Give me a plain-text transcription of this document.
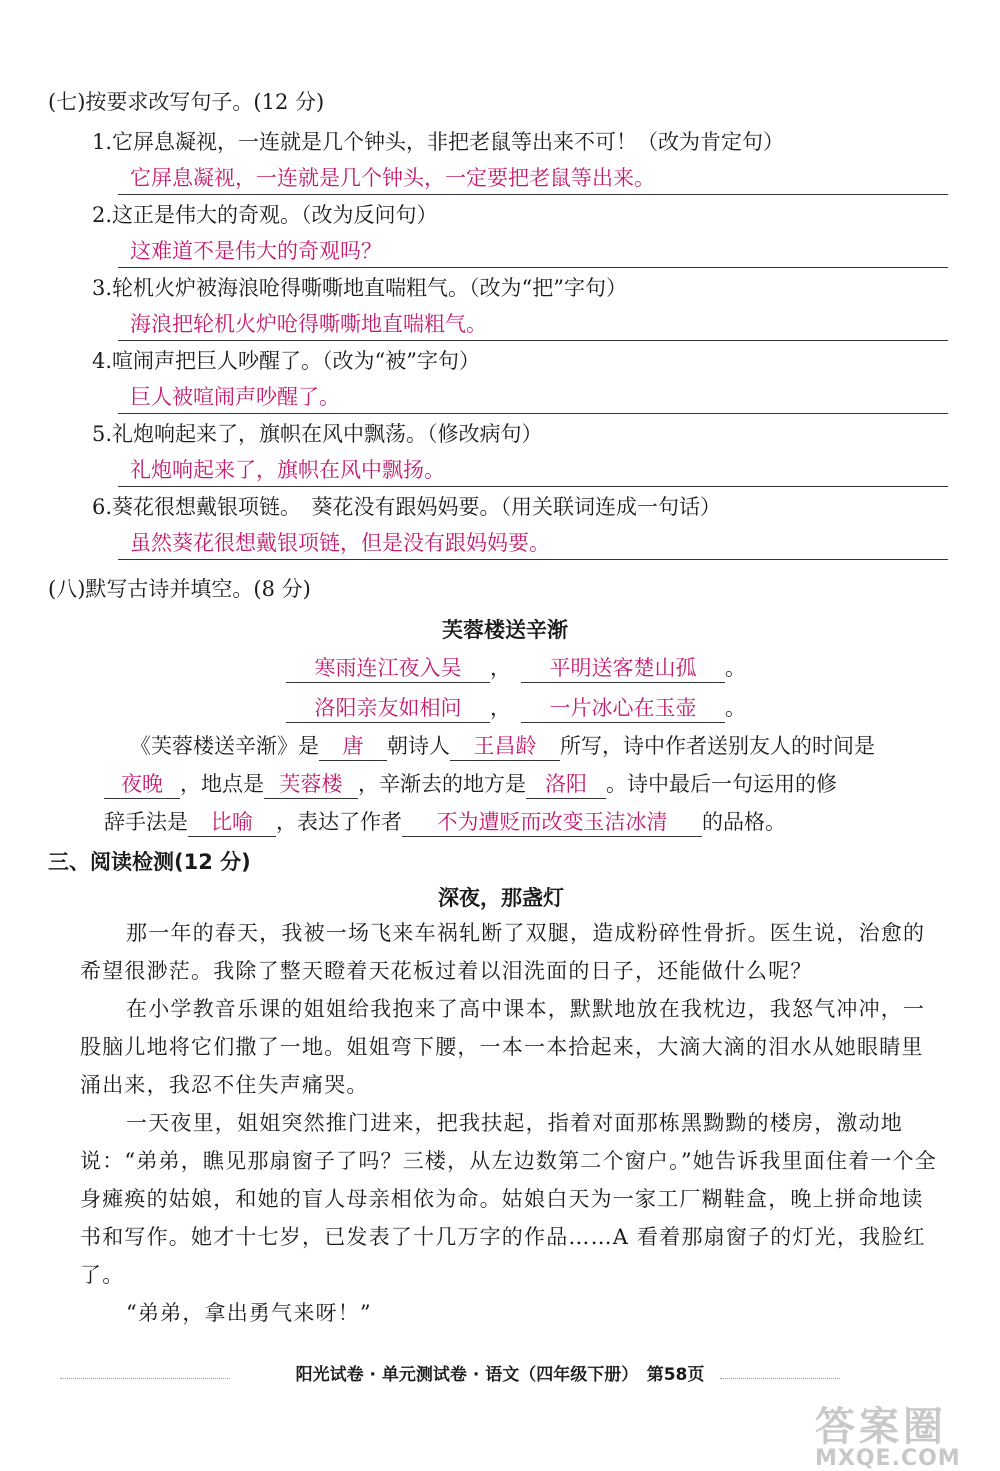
(七)按要求改写句子。(12 分)
1.它屏息凝视，一连就是几个钟头，非把老鼠等出来不可！（改为肯定句）
它屏息凝视，一连就是几个钟头，一定要把老鼠等出来。
2.这正是伟大的奇观。（改为反问句）
这难道不是伟大的奇观吗？
3.轮机火炉被海浪呛得嘶嘶地直喘粗气。（改为“把”字句）
海浪把轮机火炉呛得嘶嘶地直喘粗气。
4.喧闹声把巨人吵醒了。（改为“被”字句）
巨人被喧闹声吵醒了。
5.礼炮响起来了，旗帜在风中飘荡。（修改病句）
礼炮响起来了，旗帜在风中飘扬。
6.葵花很想戴银项链。　葵花没有跟妈妈要。（用关联词连成一句话）
虽然葵花很想戴银项链，但是没有跟妈妈要。
(八)默写古诗并填空。(8 分)
芙蓉楼送辛渐
寒雨连江夜入吴 ， 平明送客楚山孤 。
洛阳亲友如相问 ， 一片冰心在玉壶 。
《芙蓉楼送辛渐》是 唐 朝诗人 王昌龄 所写，诗中作者送别友人的时间是
夜晚 ，地点是 芙蓉楼 ，辛渐去的地方是 洛阳 。诗中最后一句运用的修
辞手法是 比喻 ，表达了作者 不为遭贬而改变玉洁冰清 的品格。
三、阅读检测(12 分)
深夜，那盏灯
那一年的春天，我被一场飞来车祸轧断了双腿，造成粉碎性骨折。医生说，治愈的希望很渺茫。我除了整天瞪着天花板过着以泪洗面的日子，还能做什么呢？
在小学教音乐课的姐姐给我抱来了高中课本，默默地放在我枕边，我怒气冲冲，一股脑儿地将它们撒了一地。姐姐弯下腰，一本一本拾起来，大滴大滴的泪水从她眼睛里涌出来，我忍不住失声痛哭。
一天夜里，姐姐突然推门进来，把我扶起，指着对面那栋黑黝黝的楼房，激动地说：“弟弟，瞧见那扇窗子了吗？三楼，从左边数第二个窗户。”她告诉我里面住着一个全身瘫痪的姑娘，和她的盲人母亲相依为命。姑娘白天为一家工厂糊鞋盒，晚上拼命地读书和写作。她才十七岁，已发表了十几万字的作品……A 看着那扇窗子的灯光，我脸红了。
“弟弟，拿出勇气来呀！”
阳光试卷 · 单元测试卷 · 语文（四年级下册）　第58页
答案圈
MXQE.COM
